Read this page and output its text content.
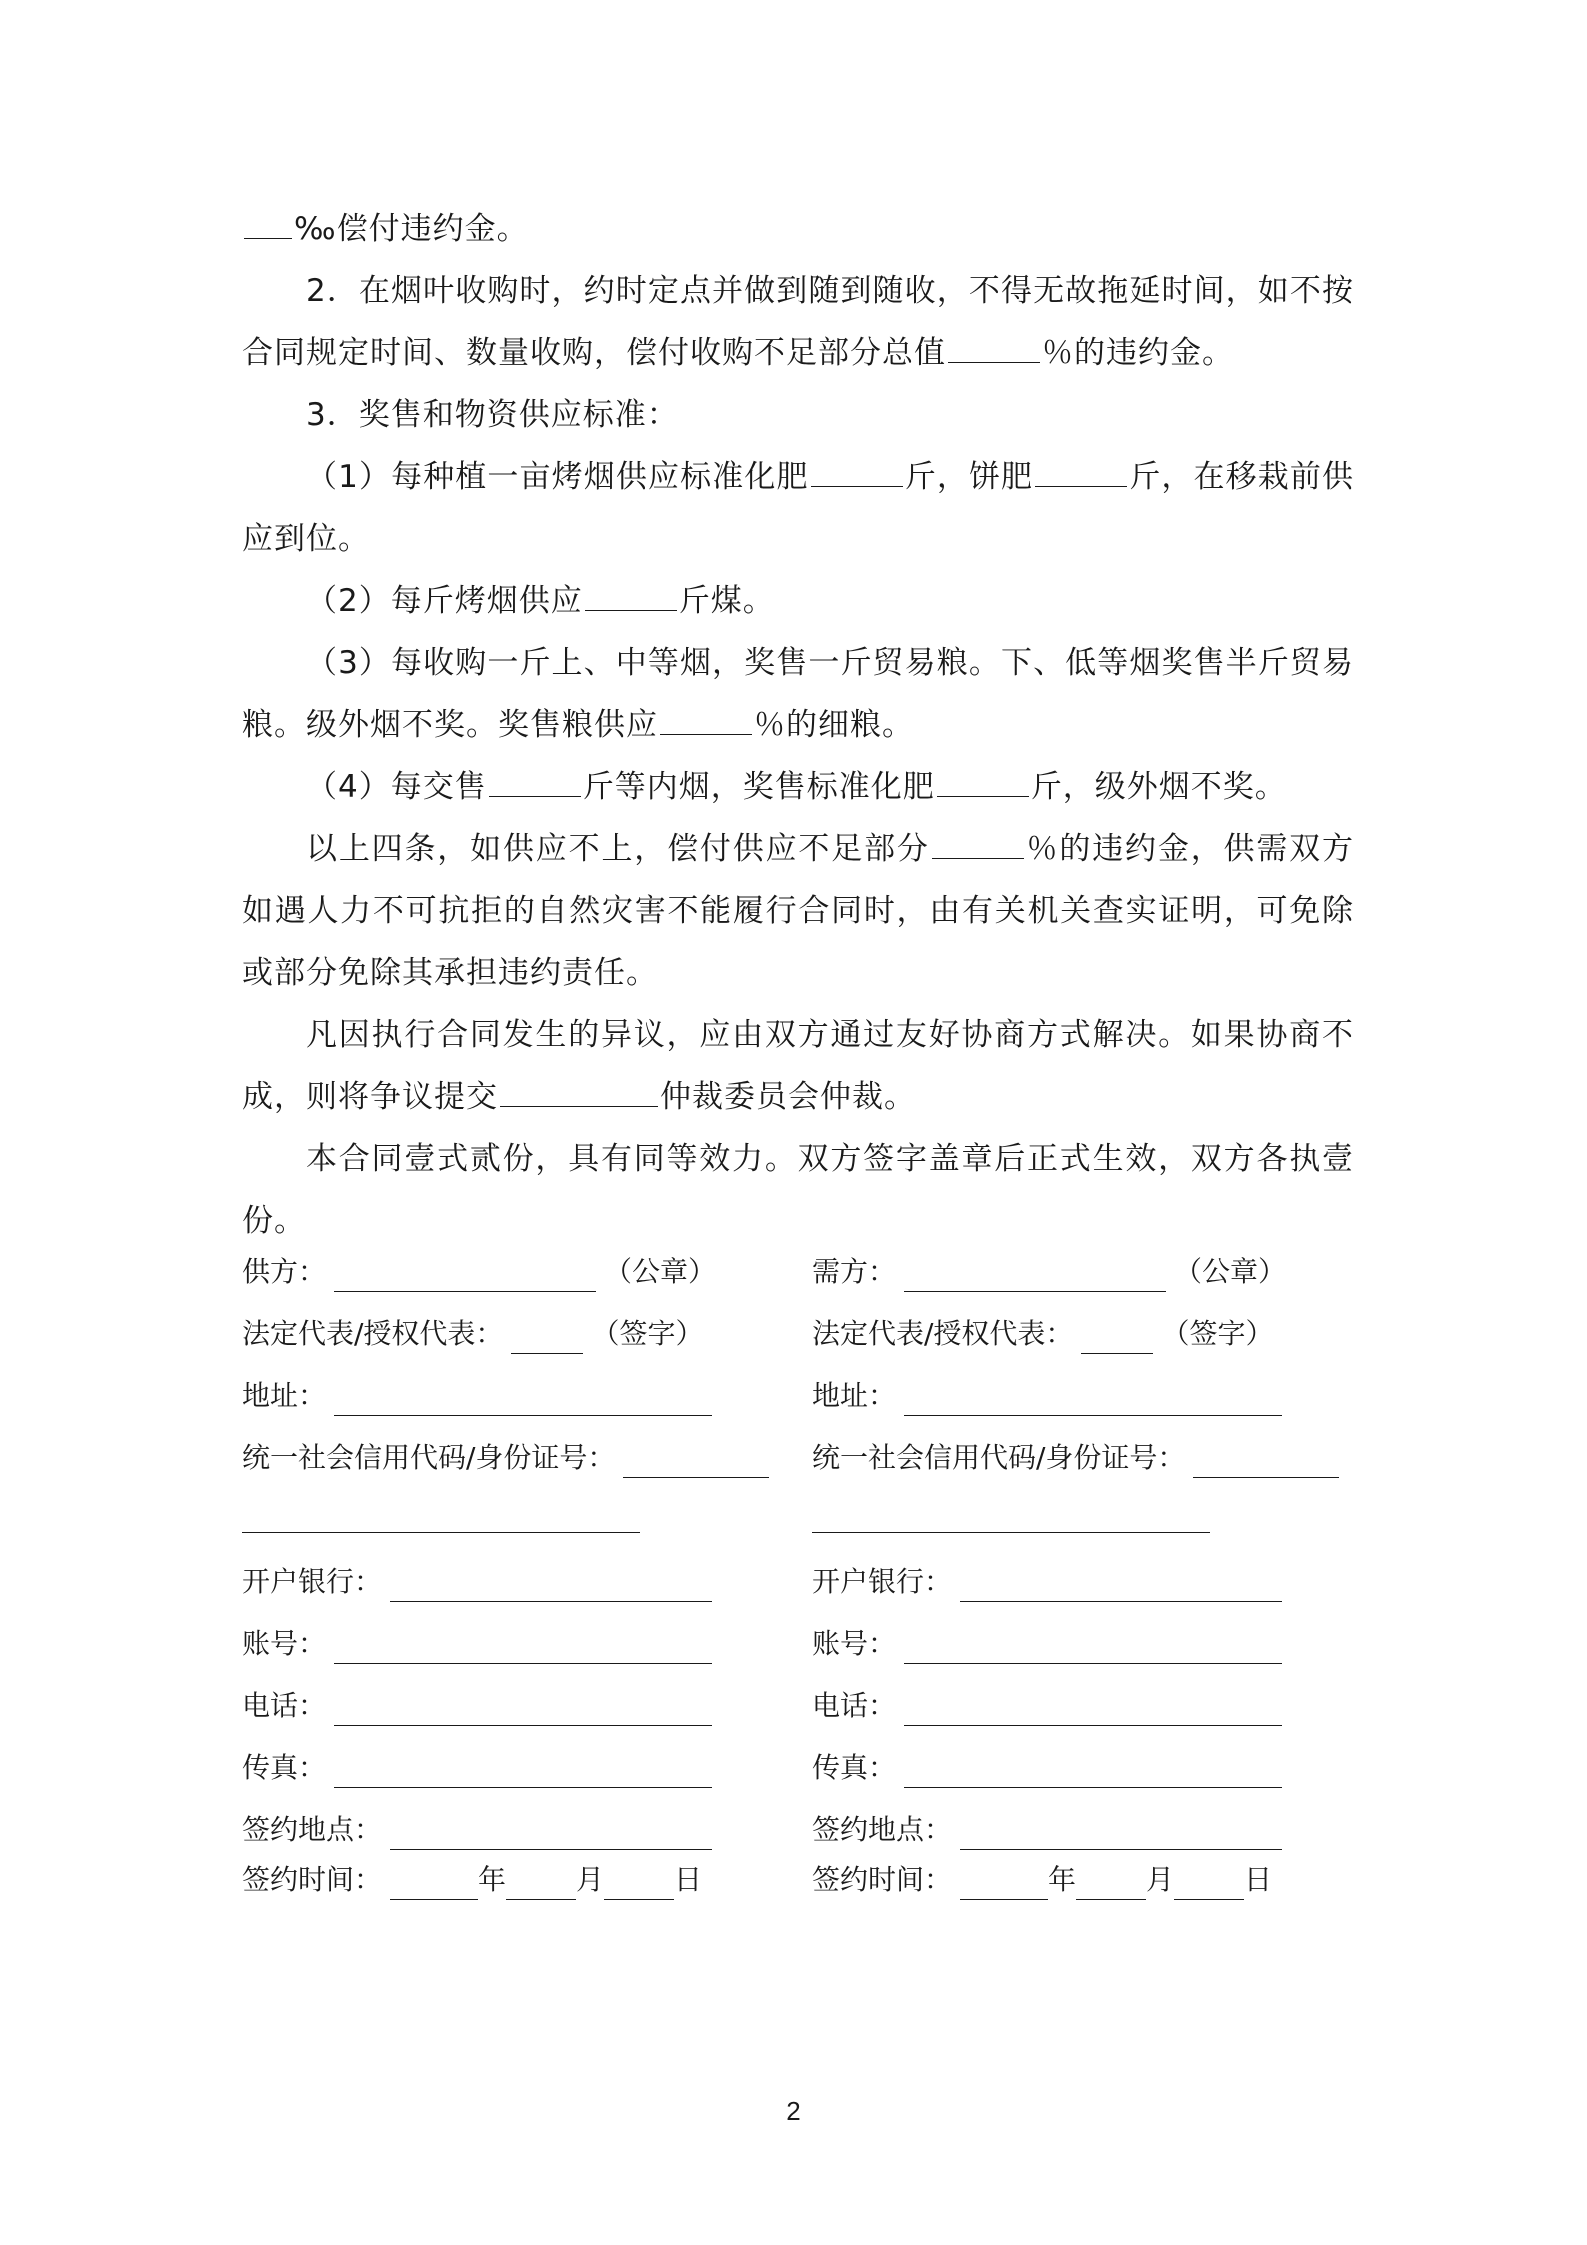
‰偿付违约金。
2．在烟叶收购时，约时定点并做到随到随收，不得无故拖延时间，如不按合同规定时间、数量收购，偿付收购不足部分总值	％的违约金。
3．奖售和物资供应标准：
（1）每种植一亩烤烟供应标准化肥	斤，饼肥	斤，在移栽前供应到位。
（2）每斤烤烟供应	斤煤。
（3）每收购一斤上、中等烟，奖售一斤贸易粮。下、低等烟奖售半斤贸易粮。级外烟不奖。奖售粮供应	％的细粮。
（4）每交售	斤等内烟，奖售标准化肥	斤，级外烟不奖。
以上四条，如供应不上，偿付供应不足部分	％的违约金，供需双方如遇人力不可抗拒的自然灾害不能履行合同时，由有关机关查实证明，可免除或部分免除其承担违约责任。
凡因执行合同发生的异议，应由双方通过友好协商方式解决。如果协商不成，则将争议提交	仲裁委员会仲裁。
本合同壹式贰份，具有同等效力。双方签字盖章后正式生效，双方各执壹份。
供方：	（公章）
法定代表/授权代表：	（签字）
地址：
统一社会信用代码/身份证号：
开户银行：
账号：
电话：
传真：
签约地点：
签约时间：	年	月	日
需方：	（公章）
法定代表/授权代表：	（签字）
地址：
统一社会信用代码/身份证号：
开户银行：
账号：
电话：
传真：
签约地点：
签约时间：	年	月	日
2
